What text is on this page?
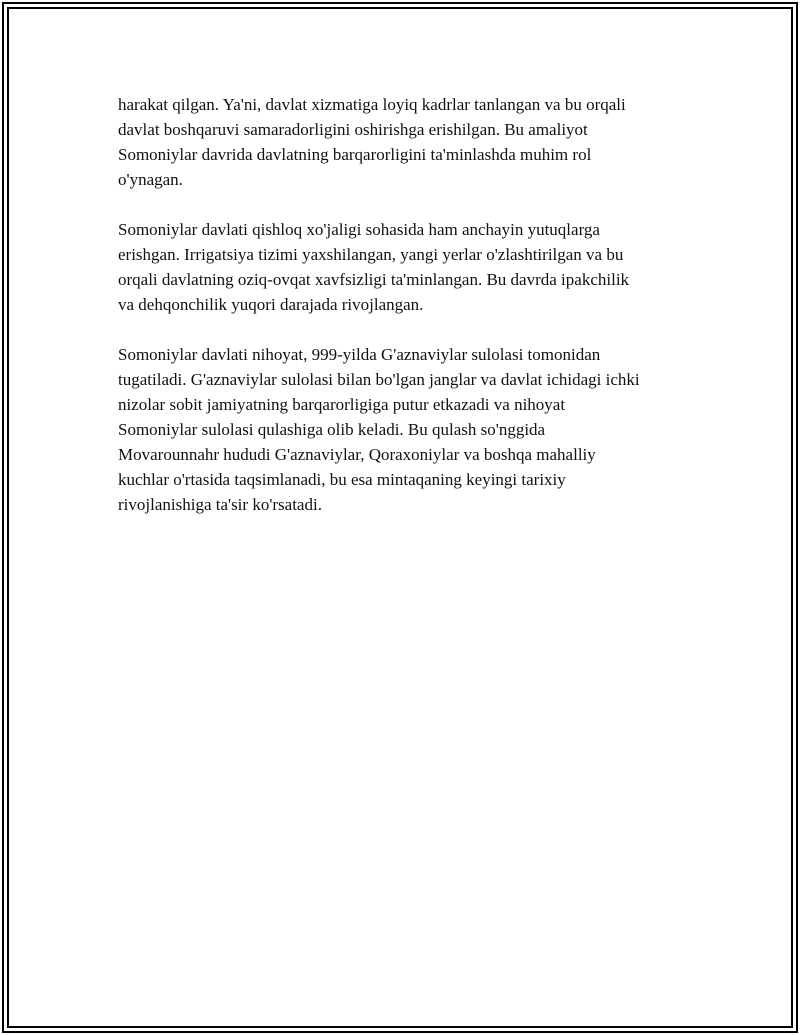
harakat qilgan. Ya'ni, davlat xizmatiga loyiq kadrlar tanlangan va bu orqali
davlat boshqaruvi samaradorligini oshirishga erishilgan. Bu amaliyot
Somoniylar davrida davlatning barqarorligini ta'minlashda muhim rol
o'ynagan.

Somoniylar davlati qishloq xo'jaligi sohasida ham anchayin yutuqlarga
erishgan. Irrigatsiya tizimi yaxshilangan, yangi yerlar o'zlashtirilgan va bu
orqali davlatning oziq-ovqat xavfsizligi ta'minlangan. Bu davrda ipakchilik
va dehqonchilik yuqori darajada rivojlangan.

Somoniylar davlati nihoyat, 999-yilda G'aznaviylar sulolasi tomonidan
tugatiladi. G'aznaviylar sulolasi bilan bo'lgan janglar va davlat ichidagi ichki
nizolar sobit jamiyatning barqarorligiga putur etkazadi va nihoyat
Somoniylar sulolasi qulashiga olib keladi. Bu qulash so'nggida
Movarounnahr hududi G'aznaviylar, Qoraxoniylar va boshqa mahalliy
kuchlar o'rtasida taqsimlanadi, bu esa mintaqaning keyingi tarixiy
rivojlanishiga ta'sir ko'rsatadi.
